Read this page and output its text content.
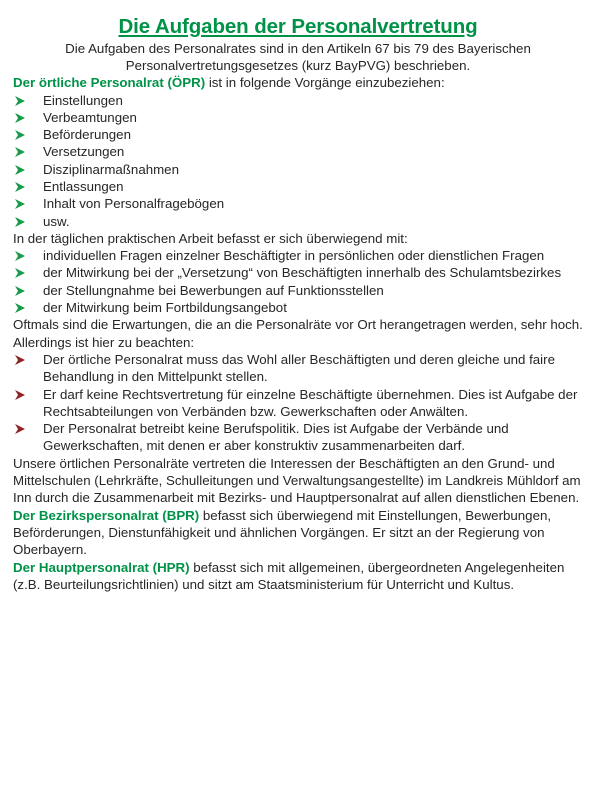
Die Aufgaben der Personalvertretung

Die Aufgaben des Personalrates sind in den Artikeln 67 bis 79 des Bayerischen Personalvertretungsgesetzes (kurz BayPVG) beschrieben.

Der örtliche Personalrat (ÖPR) ist in folgende Vorgänge einzubeziehen:

Einstellungen
Verbeamtungen
Beförderungen
Versetzungen
Disziplinarmaßnahmen
Entlassungen
Inhalt von Personalfragebögen
usw.

In der täglichen praktischen Arbeit befasst er sich überwiegend mit:

individuellen Fragen einzelner Beschäftigter in persönlichen oder dienstlichen Fragen
der Mitwirkung bei der „Versetzung“ von Beschäftigten innerhalb des Schulamtsbezirkes
der Stellungnahme bei Bewerbungen auf Funktionsstellen
der Mitwirkung beim Fortbildungsangebot

Oftmals sind die Erwartungen, die an die Personalräte vor Ort herangetragen werden, sehr hoch. Allerdings ist hier zu beachten:

Der örtliche Personalrat muss das Wohl aller Beschäftigten und deren gleiche und faire Behandlung in den Mittelpunkt stellen.
Er darf keine Rechtsvertretung für einzelne Beschäftigte übernehmen. Dies ist Aufgabe der Rechtsabteilungen von Verbänden bzw. Gewerkschaften oder Anwälten.
Der Personalrat betreibt keine Berufspolitik. Dies ist Aufgabe der Verbände und Gewerkschaften, mit denen er aber konstruktiv zusammenarbeiten darf.

Unsere örtlichen Personalräte vertreten die Interessen der Beschäftigten an den Grund- und Mittelschulen (Lehrkräfte, Schulleitungen und Verwaltungsangestellte) im Landkreis Mühldorf am Inn durch die Zusammenarbeit mit Bezirks- und Hauptpersonalrat auf allen dienstlichen Ebenen.

Der Bezirkspersonalrat (BPR) befasst sich überwiegend mit Einstellungen, Bewerbungen, Beförderungen, Dienstunfähigkeit und ähnlichen Vorgängen. Er sitzt an der Regierung von Oberbayern.

Der Hauptpersonalrat (HPR) befasst sich mit allgemeinen, übergeordneten Angelegenheiten (z.B. Beurteilungsrichtlinien) und sitzt am Staatsministerium für Unterricht und Kultus.
